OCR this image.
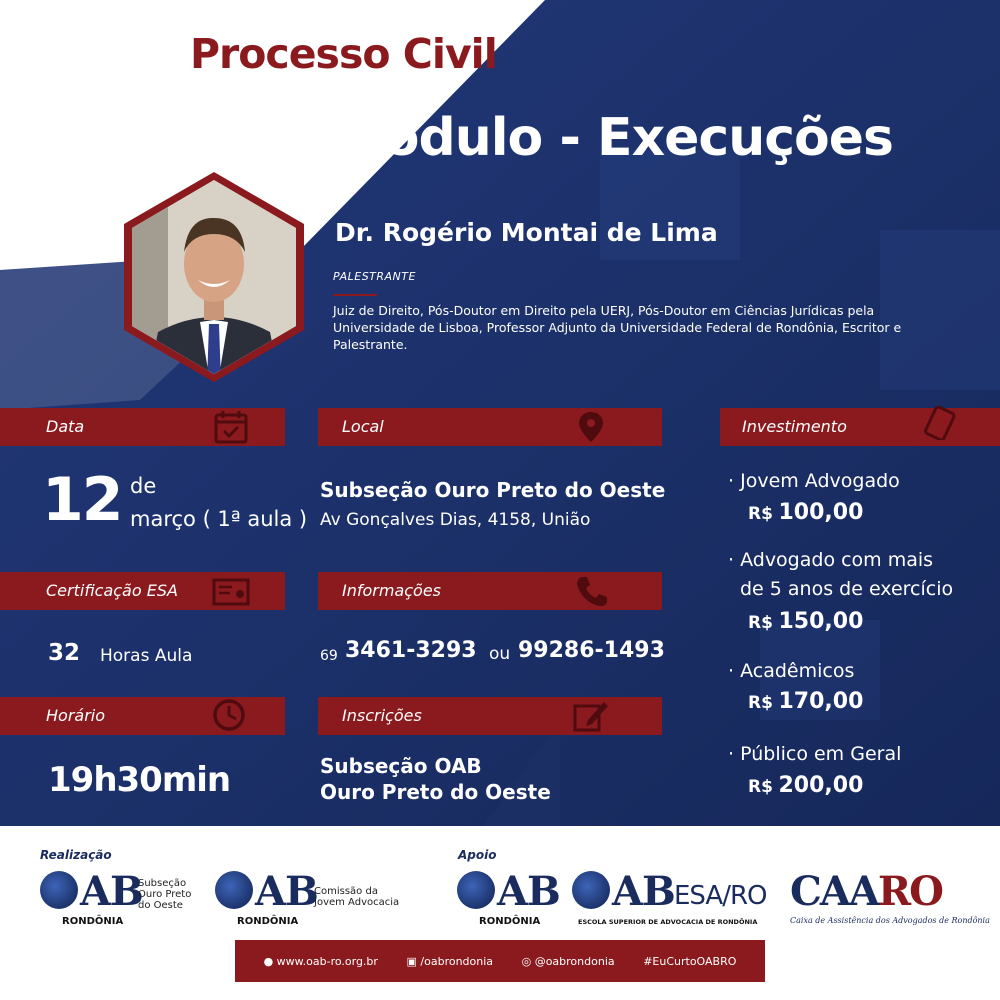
Processo Civil
Módulo - Execuções
Dr. Rogério Montai de Lima
PALESTRANTE
Juiz de Direito, Pós-Doutor em Direito pela UERJ, Pós-Doutor em Ciências Jurídicas pela Universidade de Lisboa, Professor Adjunto da Universidade Federal de Rondônia, Escritor e Palestrante.
Data	Local	Investimento
12 de
março ( 1ª aula )
Subseção Ouro Preto do Oeste
Av Gonçalves Dias, 4158, União
Certificação ESA	Informações
32 Horas Aula	69 3461-3293 ou 99286-1493
Horário	Inscrições
19h30min	Subseção OAB
Ouro Preto do Oeste
· Jovem Advogado
R$ 100,00
· Advogado com mais
de 5 anos de exercício
R$ 150,00
· Acadêmicos
R$ 170,00
· Público em Geral
R$ 200,00
Realização	Apoio
AB
RONDÔNIA
Subseção
Ouro Preto
do Oeste	AB
RONDÔNIA
Comissão da
Jovem Advocacia	AB
RONDÔNIA
AB ESA/RO
ESCOLA SUPERIOR DE ADVOCACIA DE RONDÔNIA
CAARO
Caixa de Assistência dos Advogados de Rondônia
● www.oab-ro.org.br	▣ /oabrondonia	◎ @oabrondonia	#EuCurtoOABRO
